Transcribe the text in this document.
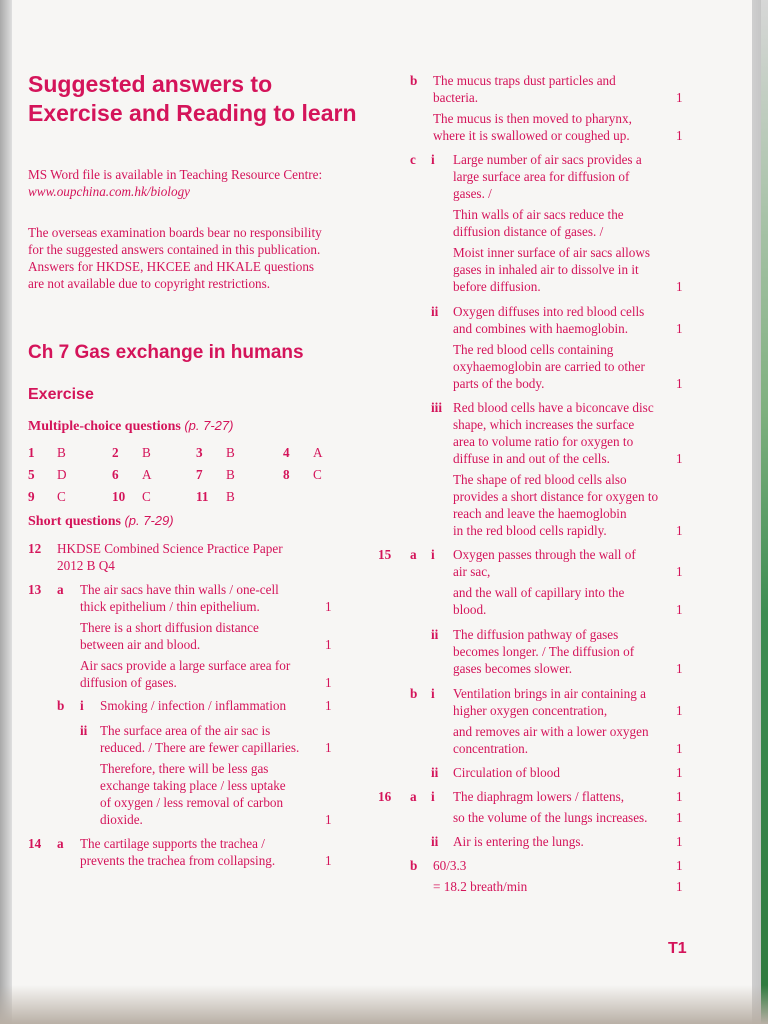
Suggested answers to Exercise and Reading to learn
MS Word file is available in Teaching Resource Centre:
www.oupchina.com.hk/biology
The overseas examination boards bear no responsibility for the suggested answers contained in this publication. Answers for HKDSE, HKCEE and HKALE questions are not available due to copyright restrictions.
Ch 7 Gas exchange in humans
Exercise
Multiple-choice questions (p. 7-27)
Short questions (p. 7-29)
T1
1 B	2 B	3 B	4 A
5 D	6 A	7 B	8 C
9 C	10 C	11 B
12 HKDSE Combined Science Practice Paper
2012 B Q4
13 a The air sacs have thin walls / one-cell
thick epithelium / thin epithelium.	1
There is a short diffusion distance
between air and blood.	1
Air sacs provide a large surface area for
diffusion of gases.	1
b i Smoking / infection / inflammation	1
ii The surface area of the air sac is
reduced. / There are fewer capillaries. 1
Therefore, there will be less gas
exchange taking place / less uptake
of oxygen / less removal of carbon
dioxide.	1
14 a The cartilage supports the trachea /
prevents the trachea from collapsing.	1
b The mucus traps dust particles and
bacteria.	1
The mucus is then moved to pharynx,
where it is swallowed or coughed up.	1
c i Large number of air sacs provides a
large surface area for diffusion of
gases. /
Thin walls of air sacs reduce the
diffusion distance of gases. /
Moist inner surface of air sacs allows
gases in inhaled air to dissolve in it
before diffusion.	1
ii Oxygen diffuses into red blood cells
and combines with haemoglobin.	1
The red blood cells containing
oxyhaemoglobin are carried to other
parts of the body.	1
iii Red blood cells have a biconcave disc
shape, which increases the surface
area to volume ratio for oxygen to
diffuse in and out of the cells.	1
The shape of red blood cells also
provides a short distance for oxygen to
reach and leave the haemoglobin
in the red blood cells rapidly.	1
15 a i Oxygen passes through the wall of
air sac,	1
and the wall of capillary into the
blood.	1
ii The diffusion pathway of gases
becomes longer. / The diffusion of
gases becomes slower.	1
b i Ventilation brings in air containing a
higher oxygen concentration,	1
and removes air with a lower oxygen
concentration.	1
ii Circulation of blood	1
16 a i The diaphragm lowers / flattens,	1
so the volume of the lungs increases. 1
ii Air is entering the lungs.	1
b 60/3.3	1
= 18.2 breath/min	1
